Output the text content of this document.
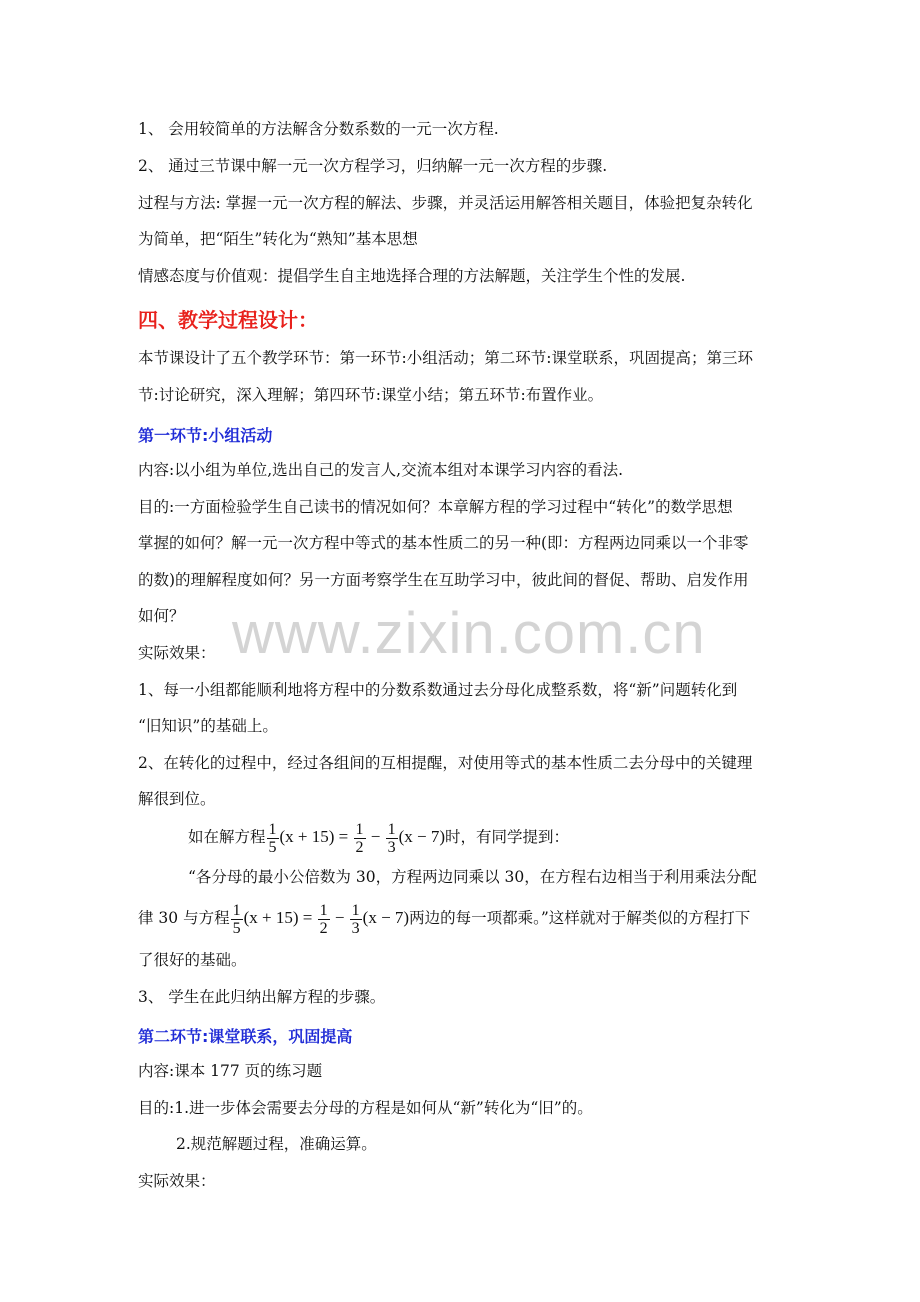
www.zixin.com.cn
1、 会用较简单的方法解含分数系数的一元一次方程.
2、 通过三节课中解一元一次方程学习，归纳解一元一次方程的步骤.
过程与方法: 掌握一元一次方程的解法、步骤，并灵活运用解答相关题目，体验把复杂转化
为简单，把“陌生”转化为“熟知”基本思想
情感态度与价值观：提倡学生自主地选择合理的方法解题，关注学生个性的发展.
四、教学过程设计：
本节课设计了五个教学环节：第一环节:小组活动；第二环节:课堂联系，巩固提高；第三环
节:讨论研究，深入理解；第四环节:课堂小结；第五环节:布置作业。
第一环节:小组活动
内容:以小组为单位,选出自己的发言人,交流本组对本课学习内容的看法.
目的:一方面检验学生自己读书的情况如何？本章解方程的学习过程中“转化”的数学思想
掌握的如何？解一元一次方程中等式的基本性质二的另一种(即：方程两边同乘以一个非零
的数)的理解程度如何？另一方面考察学生在互助学习中，彼此间的督促、帮助、启发作用
如何？
实际效果：
1、每一小组都能顺利地将方程中的分数系数通过去分母化成整系数，将“新”问题转化到
“旧知识”的基础上。
2、在转化的过程中，经过各组间的互相提醒，对使用等式的基本性质二去分母中的关键理
解很到位。
如在解方程 $\frac{1}{5} (x + 15) = \frac{1}{2} - \frac{1}{3} (x - 7)$时，有同学提到：
“各分母的最小公倍数为 30，方程两边同乘以 30，在方程右边相当于利用乘法分配
律 30 与方程 $\frac{1}{5} (x + 15) = \frac{1}{2} - \frac{1}{3} (x - 7)$两边的每一项都乘。”这样就对于解类似的方程打下
了很好的基础。
3、 学生在此归纳出解方程的步骤。
第二环节:课堂联系，巩固提高
内容:课本 177 页的练习题
目的:1.进一步体会需要去分母的方程是如何从“新”转化为“旧”的。
2.规范解题过程，准确运算。
实际效果：
